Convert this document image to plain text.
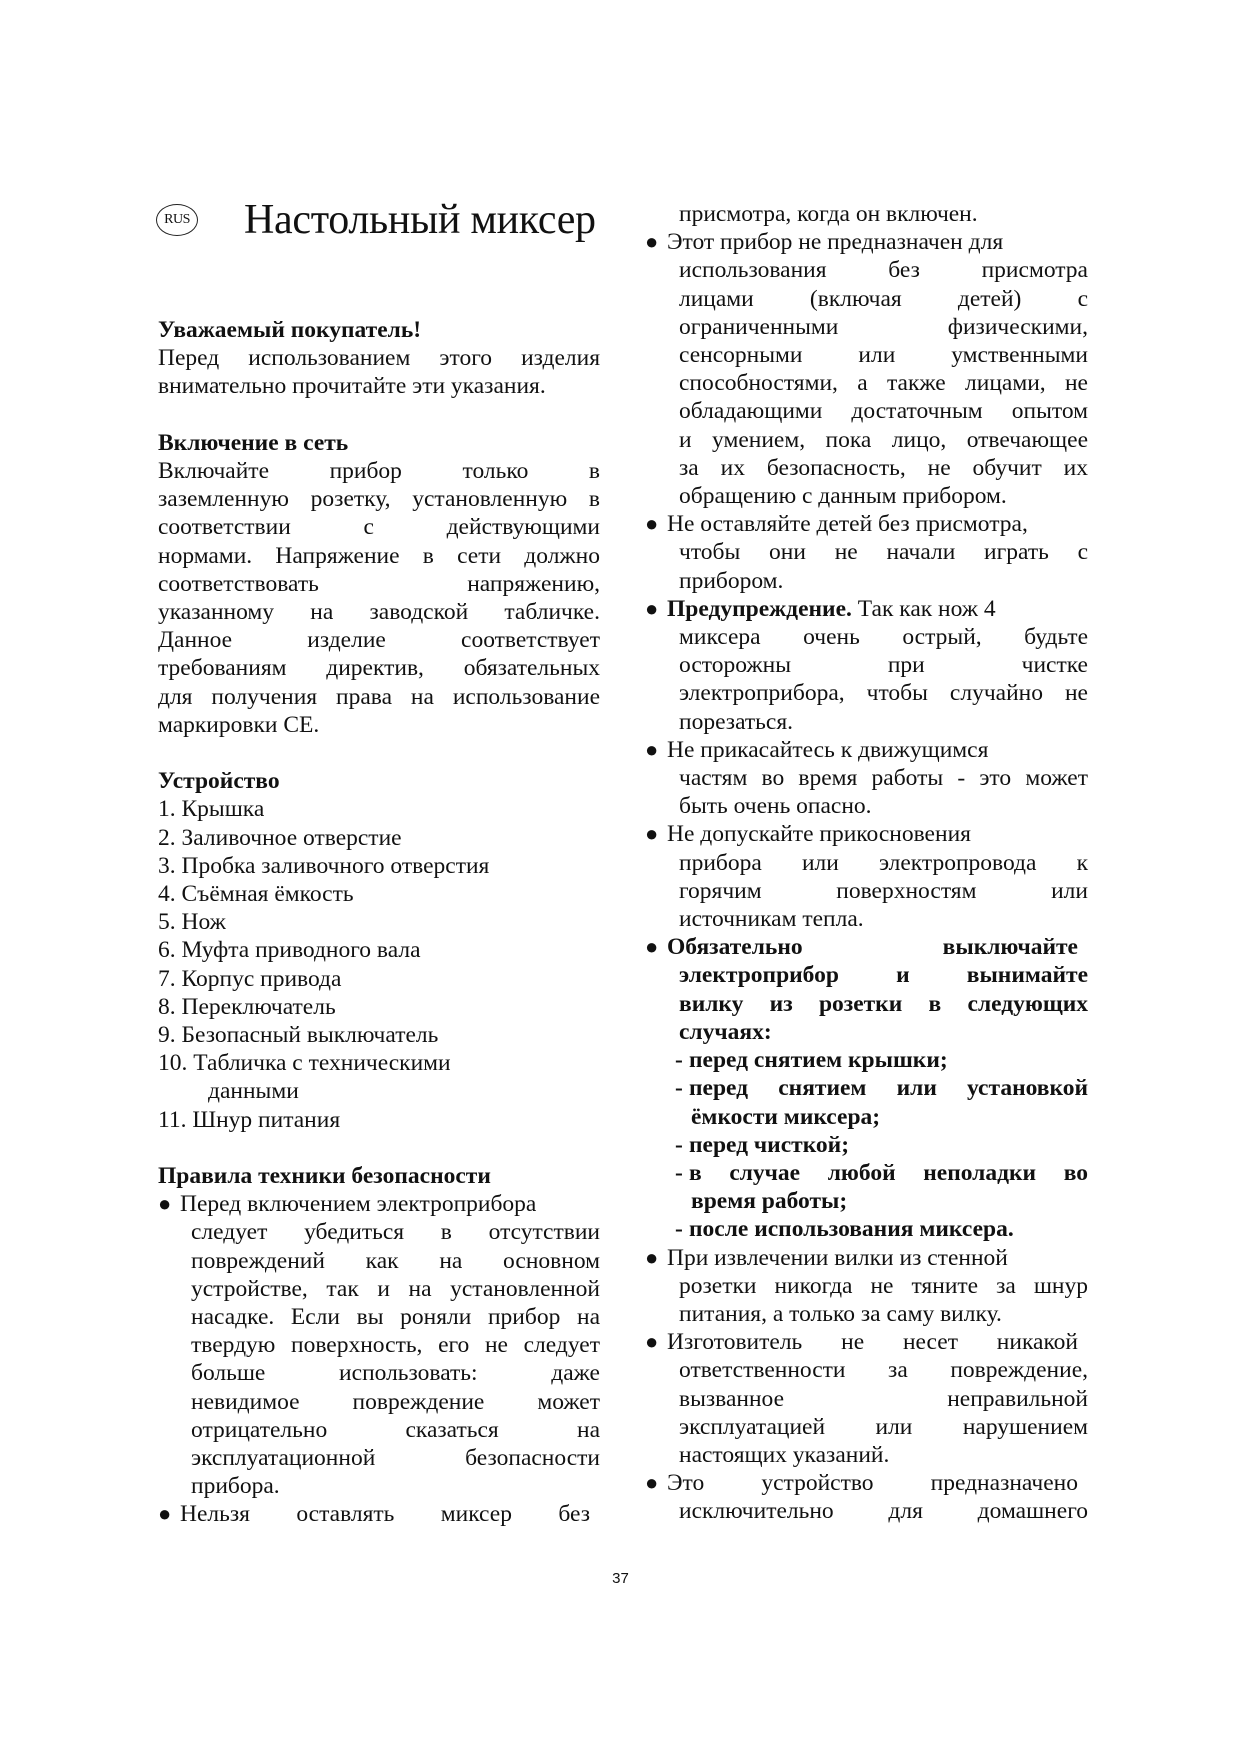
RUS Настольный миксер

Уважаемый покупатель!

Перед использованием этого изделия
внимательно прочитайте эти указания.

Включение в сеть

Включайте прибор только в
заземленную розетку, установленную в
соответствии с действующими
нормами. Напряжение в сети должно
соответствовать напряжению,
указанному на заводской табличке.
Данное изделие соответствует
требованиям директив, обязательных
для получения права на использование
маркировки CE.

Устройство

1. Крышка
2. Заливочное отверстие
3. Пробка заливочного отверстия
4. Съёмная ёмкость
5. Нож
6. Муфта приводного вала
7. Корпус привода
8. Переключатель
9. Безопасный выключатель
10. Табличка с техническими
данными
11. Шнур питания

Правила техники безопасности

● Перед включением электроприбора
следует убедиться в отсутствии
повреждений как на основном
устройстве, так и на установленной
насадке. Если вы роняли прибор на
твердую поверхность, его не следует
больше использовать: даже
невидимое повреждение может
отрицательно сказаться на
эксплуатационной безопасности
прибора.
● Нельзя оставлять миксер без
присмотра, когда он включен.
● Этот прибор не предназначен для
использования без присмотра
лицами (включая детей) с
ограниченными физическими,
сенсорными или умственными
способностями, а также лицами, не
обладающими достаточным опытом
и умением, пока лицо, отвечающее
за их безопасность, не обучит их
обращению с данным прибором.
● Не оставляйте детей без присмотра,
чтобы они не начали играть с
прибором.
● Предупреждение. Так как нож 4
миксера очень острый, будьте
осторожны при чистке
электроприбора, чтобы случайно не
порезаться.
● Не прикасайтесь к движущимся
частям во время работы - это может
быть очень опасно.
● Не допускайте прикосновения
прибора или электропровода к
горячим поверхностям или
источникам тепла.
● Обязательно выключайте
электроприбор и вынимайте
вилку из розетки в следующих
случаях:
- перед снятием крышки;
- перед снятием или установкой
ёмкости миксера;
- перед чисткой;
- в случае любой неполадки во
время работы;
- после использования миксера.
● При извлечении вилки из стенной
розетки никогда не тяните за шнур
питания, а только за саму вилку.
● Изготовитель не несет никакой
ответственности за повреждение,
вызванное неправильной
эксплуатацией или нарушением
настоящих указаний.
● Это устройство предназначено
исключительно для домашнего
37
